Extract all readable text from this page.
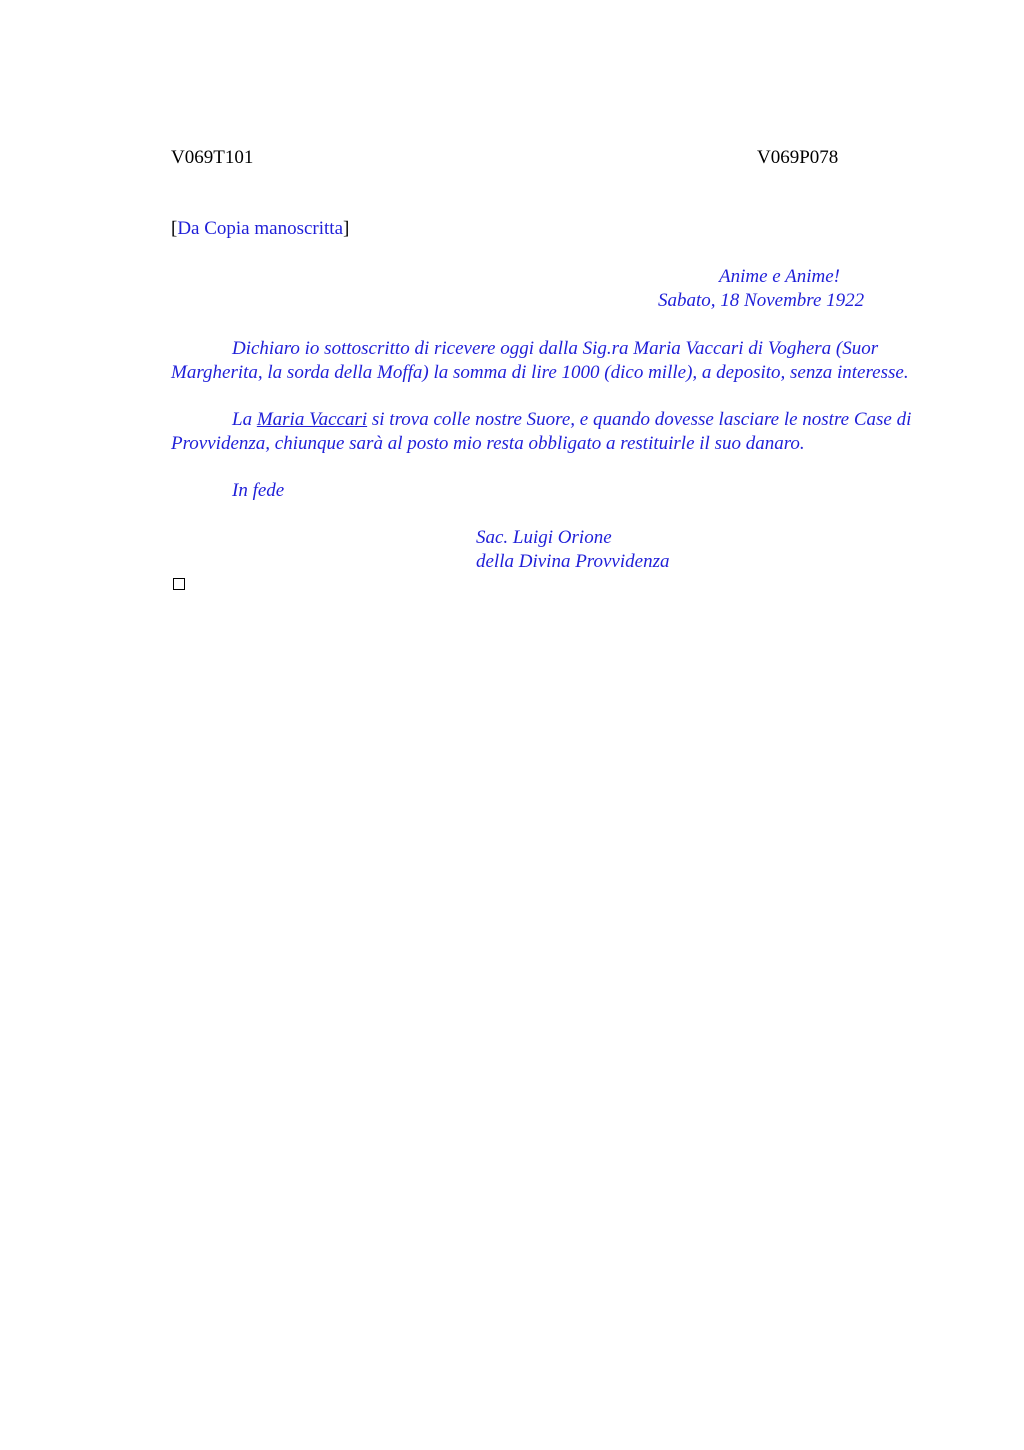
V069T101	V069P078
[Da Copia manoscritta]
Anime e Anime!
Sabato, 18 Novembre 1922

Dichiaro io sottoscritto di ricevere oggi dalla Sig.ra Maria Vaccari di Voghera (Suor Margherita, la sorda della Moffa) la somma di lire 1000 (dico mille), a deposito, senza interesse.

La Maria Vaccari si trova colle nostre Suore, e quando dovesse lasciare le nostre Case di Provvidenza, chiunque sarà al posto mio resta obbligato a restituirle il suo danaro.

In fede
Sac. Luigi Orione
della Divina Provvidenza
